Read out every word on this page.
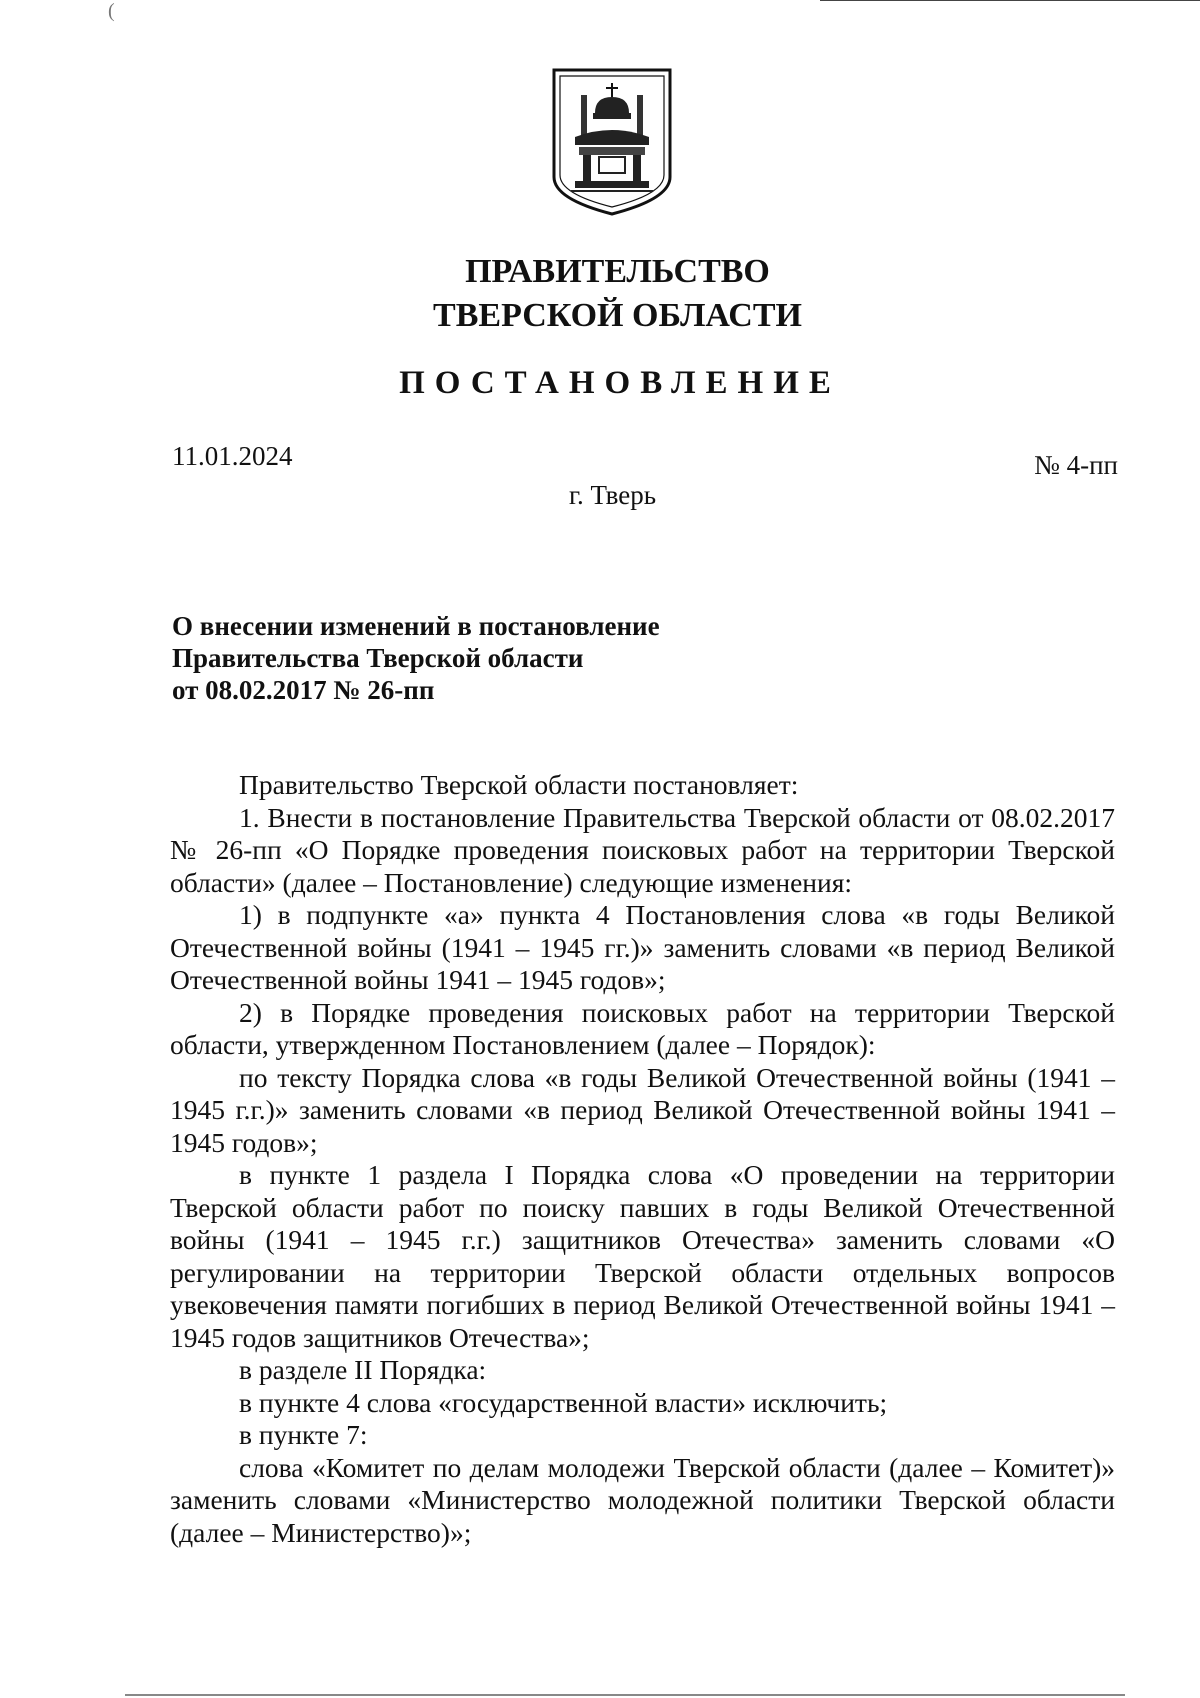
(
ПРАВИТЕЛЬСТВО
ТВЕРСКОЙ ОБЛАСТИ
ПОСТАНОВЛЕНИЕ
11.01.2024	№ 4-пп
г. Тверь
О внесении изменений в постановление
Правительства Тверской области
от 08.02.2017 № 26-пп

Правительство Тверской области постановляет:

1. Внести в постановление Правительства Тверской области от 08.02.2017 № 26-пп «О Порядке проведения поисковых работ на территории Тверской области» (далее – Постановление) следующие изменения:

1) в подпункте «а» пункта 4 Постановления слова «в годы Великой Отечественной войны (1941 – 1945 гг.)» заменить словами «в период Великой Отечественной войны 1941 – 1945 годов»;

2) в Порядке проведения поисковых работ на территории Тверской области, утвержденном Постановлением (далее – Порядок):

по тексту Порядка слова «в годы Великой Отечественной войны (1941 – 1945 г.г.)» заменить словами «в период Великой Отечественной войны 1941 – 1945 годов»;

в пункте 1 раздела I Порядка слова «О проведении на территории Тверской области работ по поиску павших в годы Великой Отечественной войны (1941 – 1945 г.г.) защитников Отечества» заменить словами «О регулировании на территории Тверской области отдельных вопросов увековечения памяти погибших в период Великой Отечественной войны 1941 – 1945 годов защитников Отечества»;

в разделе II Порядка:

в пункте 4 слова «государственной власти» исключить;

в пункте 7:

слова «Комитет по делам молодежи Тверской области (далее – Комитет)» заменить словами «Министерство молодежной политики Тверской области (далее – Министерство)»;
